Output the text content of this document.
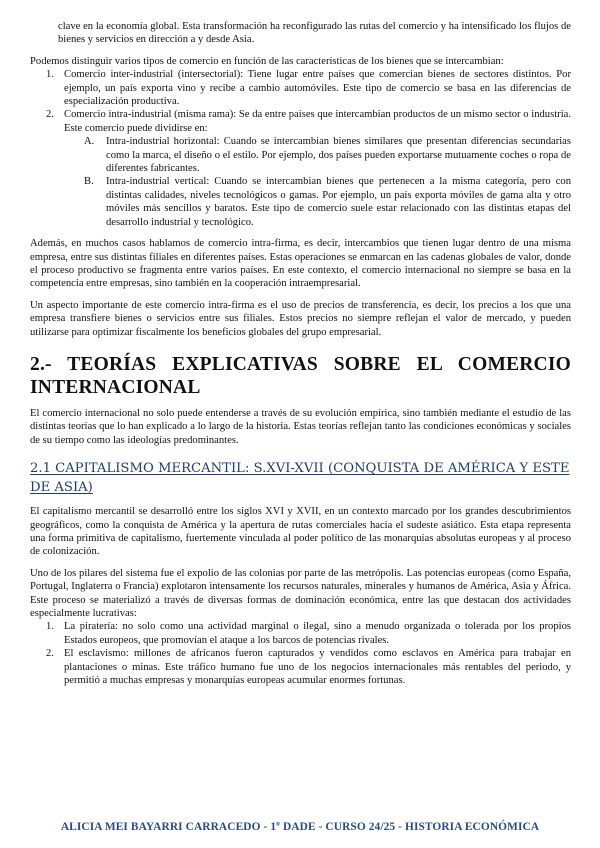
clave en la economía global. Esta transformación ha reconfigurado las rutas del comercio y ha intensificado los flujos de bienes y servicios en dirección a y desde Asia.

Podemos distinguir varios tipos de comercio en función de las características de los bienes que se intercambian:

1. Comercio inter-industrial (intersectorial): Tiene lugar entre países que comercian bienes de sectores distintos. Por ejemplo, un país exporta vino y recibe a cambio automóviles. Este tipo de comercio se basa en las diferencias de especialización productiva.
2. Comercio intra-industrial (misma rama): Se da entre países que intercambian productos de un mismo sector o industria. Este comercio puede dividirse en:
A. Intra-industrial horizontal: Cuando se intercambian bienes similares que presentan diferencias secundarias como la marca, el diseño o el estilo. Por ejemplo, dos países pueden exportarse mutuamente coches o ropa de diferentes fabricantes.
B. Intra-industrial vertical: Cuando se intercambian bienes que pertenecen a la misma categoría, pero con distintas calidades, niveles tecnológicos o gamas. Por ejemplo, un país exporta móviles de gama alta y otro móviles más sencillos y baratos. Este tipo de comercio suele estar relacionado con las distintas etapas del desarrollo industrial y tecnológico.

Además, en muchos casos hablamos de comercio intra-firma, es decir, intercambios que tienen lugar dentro de una misma empresa, entre sus distintas filiales en diferentes países. Estas operaciones se enmarcan en las cadenas globales de valor, donde el proceso productivo se fragmenta entre varios países. En este contexto, el comercio internacional no siempre se basa en la competencia entre empresas, sino también en la cooperación intraempresarial.

Un aspecto importante de este comercio intra-firma es el uso de precios de transferencia, es decir, los precios a los que una empresa transfiere bienes o servicios entre sus filiales. Estos precios no siempre reflejan el valor de mercado, y pueden utilizarse para optimizar fiscalmente los beneficios globales del grupo empresarial.

2.- TEORÍAS EXPLICATIVAS SOBRE EL COMERCIO INTERNACIONAL

El comercio internacional no solo puede entenderse a través de su evolución empírica, sino también mediante el estudio de las distintas teorías que lo han explicado a lo largo de la historia. Estas teorías reflejan tanto las condiciones económicas y sociales de su tiempo como las ideologías predominantes.

2.1 CAPITALISMO MERCANTIL: S.XVI-XVII (CONQUISTA DE AMÉRICA Y ESTE DE ASIA)

El capitalismo mercantil se desarrolló entre los siglos XVI y XVII, en un contexto marcado por los grandes descubrimientos geográficos, como la conquista de América y la apertura de rutas comerciales hacia el sudeste asiático. Esta etapa representa una forma primitiva de capitalismo, fuertemente vinculada al poder político de las monarquías absolutas europeas y al proceso de colonización.

Uno de los pilares del sistema fue el expolio de las colonias por parte de las metrópolis. Las potencias europeas (como España, Portugal, Inglaterra o Francia) explotaron intensamente los recursos naturales, minerales y humanos de América, Asia y África. Este proceso se materializó a través de diversas formas de dominación económica, entre las que destacan dos actividades especialmente lucrativas:

1. La piratería: no solo como una actividad marginal o ilegal, sino a menudo organizada o tolerada por los propios Estados europeos, que promovían el ataque a los barcos de potencias rivales.
2. El esclavismo: millones de africanos fueron capturados y vendidos como esclavos en América para trabajar en plantaciones o minas. Este tráfico humano fue uno de los negocios internacionales más rentables del periodo, y permitió a muchas empresas y monarquías europeas acumular enormes fortunas.
ALICIA MEI BAYARRI CARRACEDO - 1º DADE - CURSO 24/25 - HISTORIA ECONÓMICA
